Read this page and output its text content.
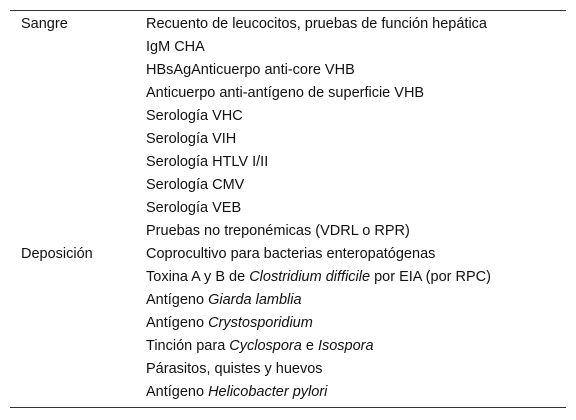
Sangre	Recuento de leucocitos, pruebas de función hepática
IgM CHA
HBsAgAnticuerpo anti-core VHB
Anticuerpo anti-antígeno de superficie VHB
Serología VHC
Serología VIH
Serología HTLV I/II
Serología CMV
Serología VEB
Pruebas no treponémicas (VDRL o RPR)
Deposición	Coprocultivo para bacterias enteropatógenas
Toxina A y B de Clostridium difficile por EIA (por RPC)
Antígeno Giarda lamblia
Antígeno Crystosporidium
Tinción para Cyclospora e Isospora
Párasitos, quistes y huevos
Antígeno Helicobacter pylori
